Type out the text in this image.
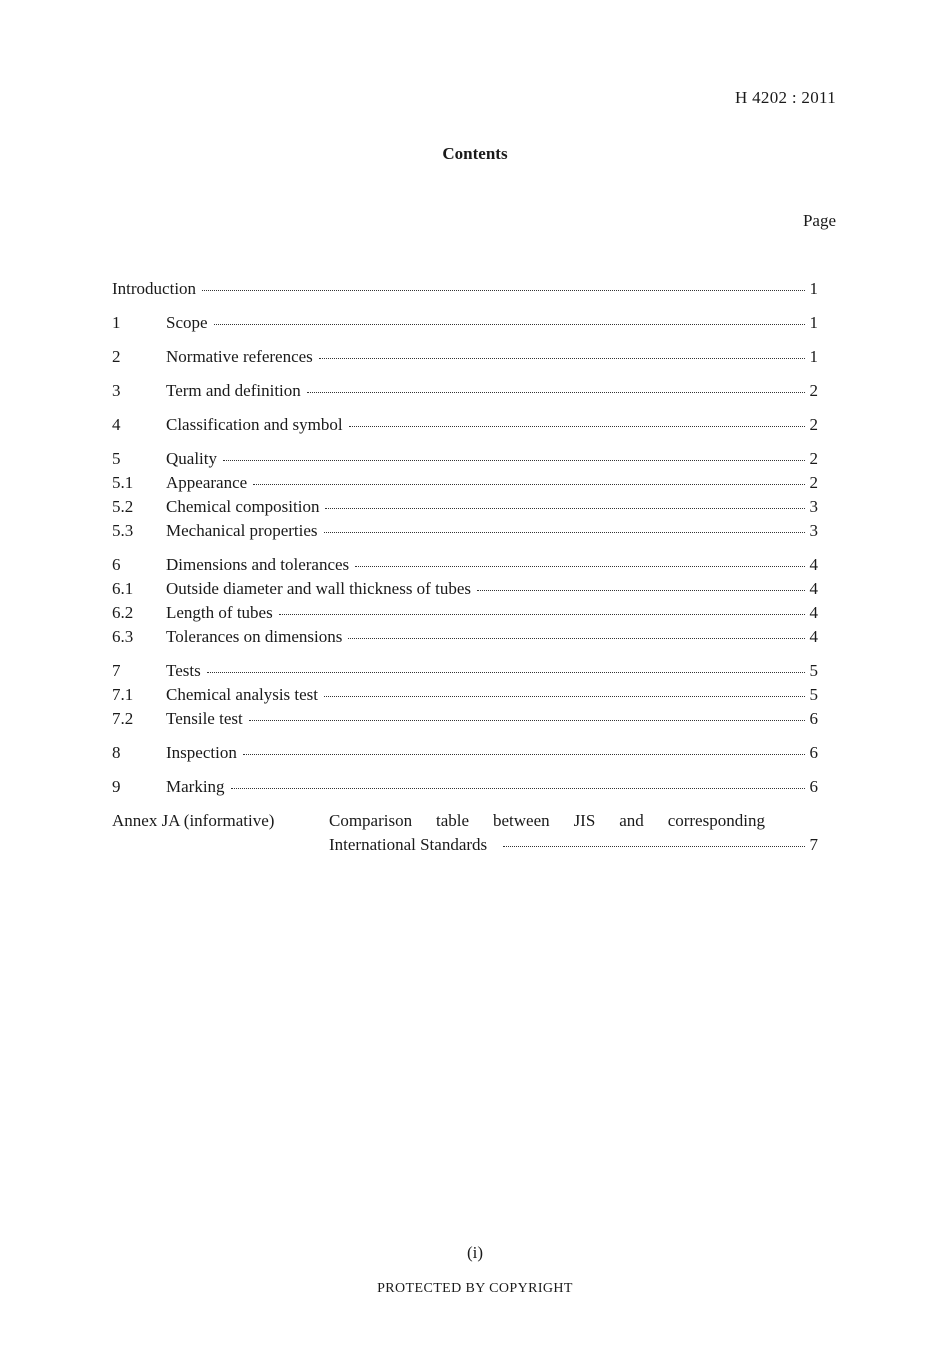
H 4202 : 2011
Contents
Page
Introduction	1
1	Scope	1
2	Normative references	1
3	Term and definition	2
4	Classification and symbol	2
5	Quality	2
5.1	Appearance	2
5.2	Chemical composition	3
5.3	Mechanical properties	3
6	Dimensions and tolerances	4
6.1	Outside diameter and wall thickness of tubes	4
6.2	Length of tubes	4
6.3	Tolerances on dimensions	4
7	Tests	5
7.1	Chemical analysis test	5
7.2	Tensile test	6
8	Inspection	6
9	Marking	6
Annex JA (informative)	Comparison table between JIS and corresponding
International Standards	7
(i)
PROTECTED BY COPYRIGHT
